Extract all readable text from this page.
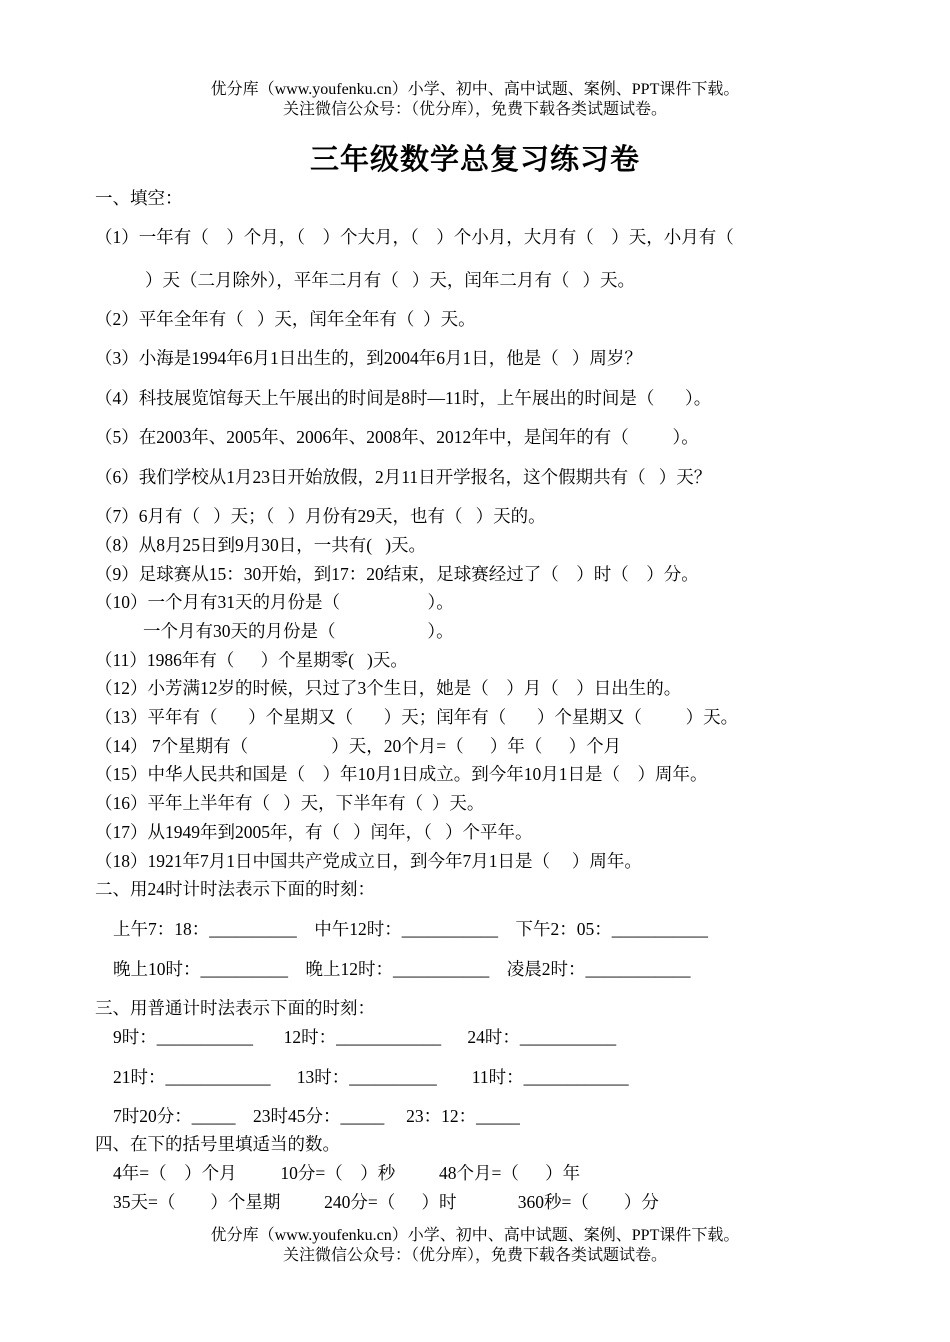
优分库（www.youfenku.cn）小学、初中、高中试题、案例、PPT课件下载。
关注微信公众号：（优分库），免费下载各类试题试卷。
三年级数学总复习练习卷
一、填空：
（1）一年有（    ）个月，（    ）个大月，（    ）个小月，大月有（    ）天，小月有（
）天（二月除外），平年二月有（   ）天，闰年二月有（   ）天。
（2）平年全年有（   ）天，闰年全年有（  ）天。
（3）小海是1994年6月1日出生的，到2004年6月1日，他是（   ）周岁？
（4）科技展览馆每天上午展出的时间是8时—11时，上午展出的时间是（       ）。
（5）在2003年、2005年、2006年、2008年、2012年中，是闰年的有（          ）。
（6）我们学校从1月23日开始放假，2月11日开学报名，这个假期共有（   ）天？
（7）6月有（   ）天；（   ）月份有29天，也有（   ）天的。
（8）从8月25日到9月30日，一共有(   )天。
（9）足球赛从15：30开始，到17：20结束，足球赛经过了（    ）时（    ）分。
（10）一个月有31天的月份是（                    ）。
一个月有30天的月份是（                     ）。
（11）1986年有（      ）个星期零(   )天。
（12）小芳满12岁的时候，只过了3个生日，她是（    ）月（    ）日出生的。
（13）平年有（       ）个星期又（       ）天；闰年有（       ）个星期又（          ）天。
（14） 7个星期有（                   ）天，20个月=（      ）年（      ）个月
（15）中华人民共和国是（    ）年10月1日成立。到今年10月1日是（    ）周年。
（16）平年上半年有（   ）天，下半年有（  ）天。
（17）从1949年到2005年，有（   ）闰年，（   ）个平年。
（18）1921年7月1日中国共产党成立日，到今年7月1日是（     ）周年。
二、用24时计时法表示下面的时刻：
上午7：18：__________    中午12时：___________    下午2：05：___________
晚上10时：__________    晚上12时：___________    凌晨2时：____________
三、用普通计时法表示下面的时刻：
9时：___________       12时：____________      24时：___________
21时：____________      13时：__________        11时：____________
7时20分：_____    23时45分：_____     23：12：_____
四、在下的括号里填适当的数。
4年=（    ）个月          10分=（    ）秒          48个月=（      ）年
35天=（        ）个星期          240分=（      ）时              360秒=（        ）分
优分库（www.youfenku.cn）小学、初中、高中试题、案例、PPT课件下载。
关注微信公众号：（优分库），免费下载各类试题试卷。
